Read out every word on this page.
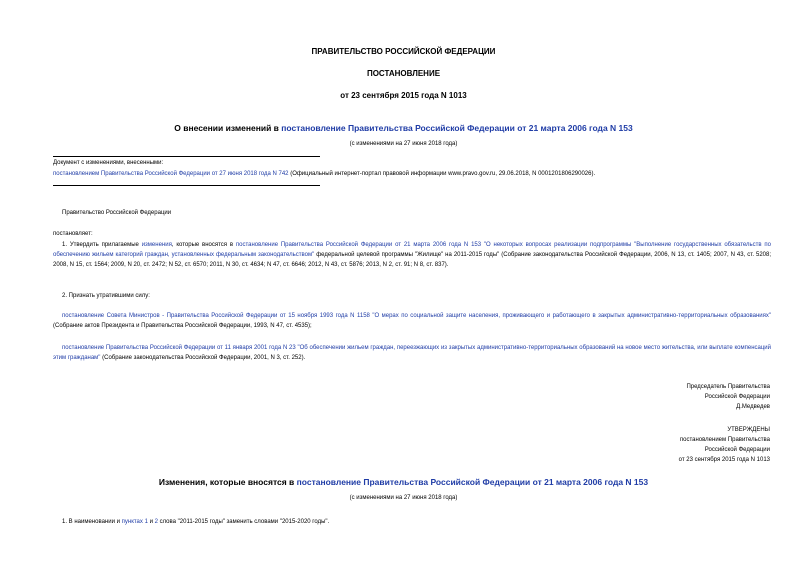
ПРАВИТЕЛЬСТВО РОССИЙСКОЙ ФЕДЕРАЦИИ
ПОСТАНОВЛЕНИЕ
от 23 сентября 2015 года N 1013
О внесении изменений в постановление Правительства Российской Федерации от 21 марта 2006 года N 153
(с изменениями на 27 июня 2018 года)
Документ с изменениями, внесенными:
постановлением Правительства Российской Федерации от 27 июня 2018 года N 742 (Официальный интернет-портал правовой информации www.pravo.gov.ru, 29.06.2018, N 0001201806290026).
Правительство Российской Федерации
постановляет:
1. Утвердить прилагаемые изменения, которые вносятся в постановление Правительства Российской Федерации от 21 марта 2006 года N 153 "О некоторых вопросах реализации подпрограммы "Выполнение государственных обязательств по обеспечению жильем категорий граждан, установленных федеральным законодательством" федеральной целевой программы "Жилище" на 2011-2015 годы" (Собрание законодательства Российской Федерации, 2006, N 13, ст. 1405; 2007, N 43, ст. 5208; 2008, N 15, ст. 1564; 2009, N 20, ст. 2472; N 52, ст. 6570; 2011, N 30, ст. 4634; N 47, ст. 6646; 2012, N 43, ст. 5876; 2013, N 2, ст. 91; N 8, ст. 837).
2. Признать утратившими силу:
постановление Совета Министров - Правительства Российской Федерации от 15 ноября 1993 года N 1158 "О мерах по социальной защите населения, проживающего и работающего в закрытых административно-территориальных образованиях" (Собрание актов Президента и Правительства Российской Федерации, 1993, N 47, ст. 4535);
постановление Правительства Российской Федерации от 11 января 2001 года N 23 "Об обеспечении жильем граждан, переезжающих из закрытых административно-территориальных образований на новое место жительства, или выплате компенсаций этим гражданам" (Собрание законодательства Российской Федерации, 2001, N 3, ст. 252).
Председатель Правительства
Российской Федерации
Д.Медведев
УТВЕРЖДЕНЫ
постановлением Правительства
Российской Федерации
от 23 сентября 2015 года N 1013
Изменения, которые вносятся в постановление Правительства Российской Федерации от 21 марта 2006 года N 153
(с изменениями на 27 июня 2018 года)
1. В наименовании и пунктах 1 и 2 слова "2011-2015 годы" заменить словами "2015-2020 годы".
